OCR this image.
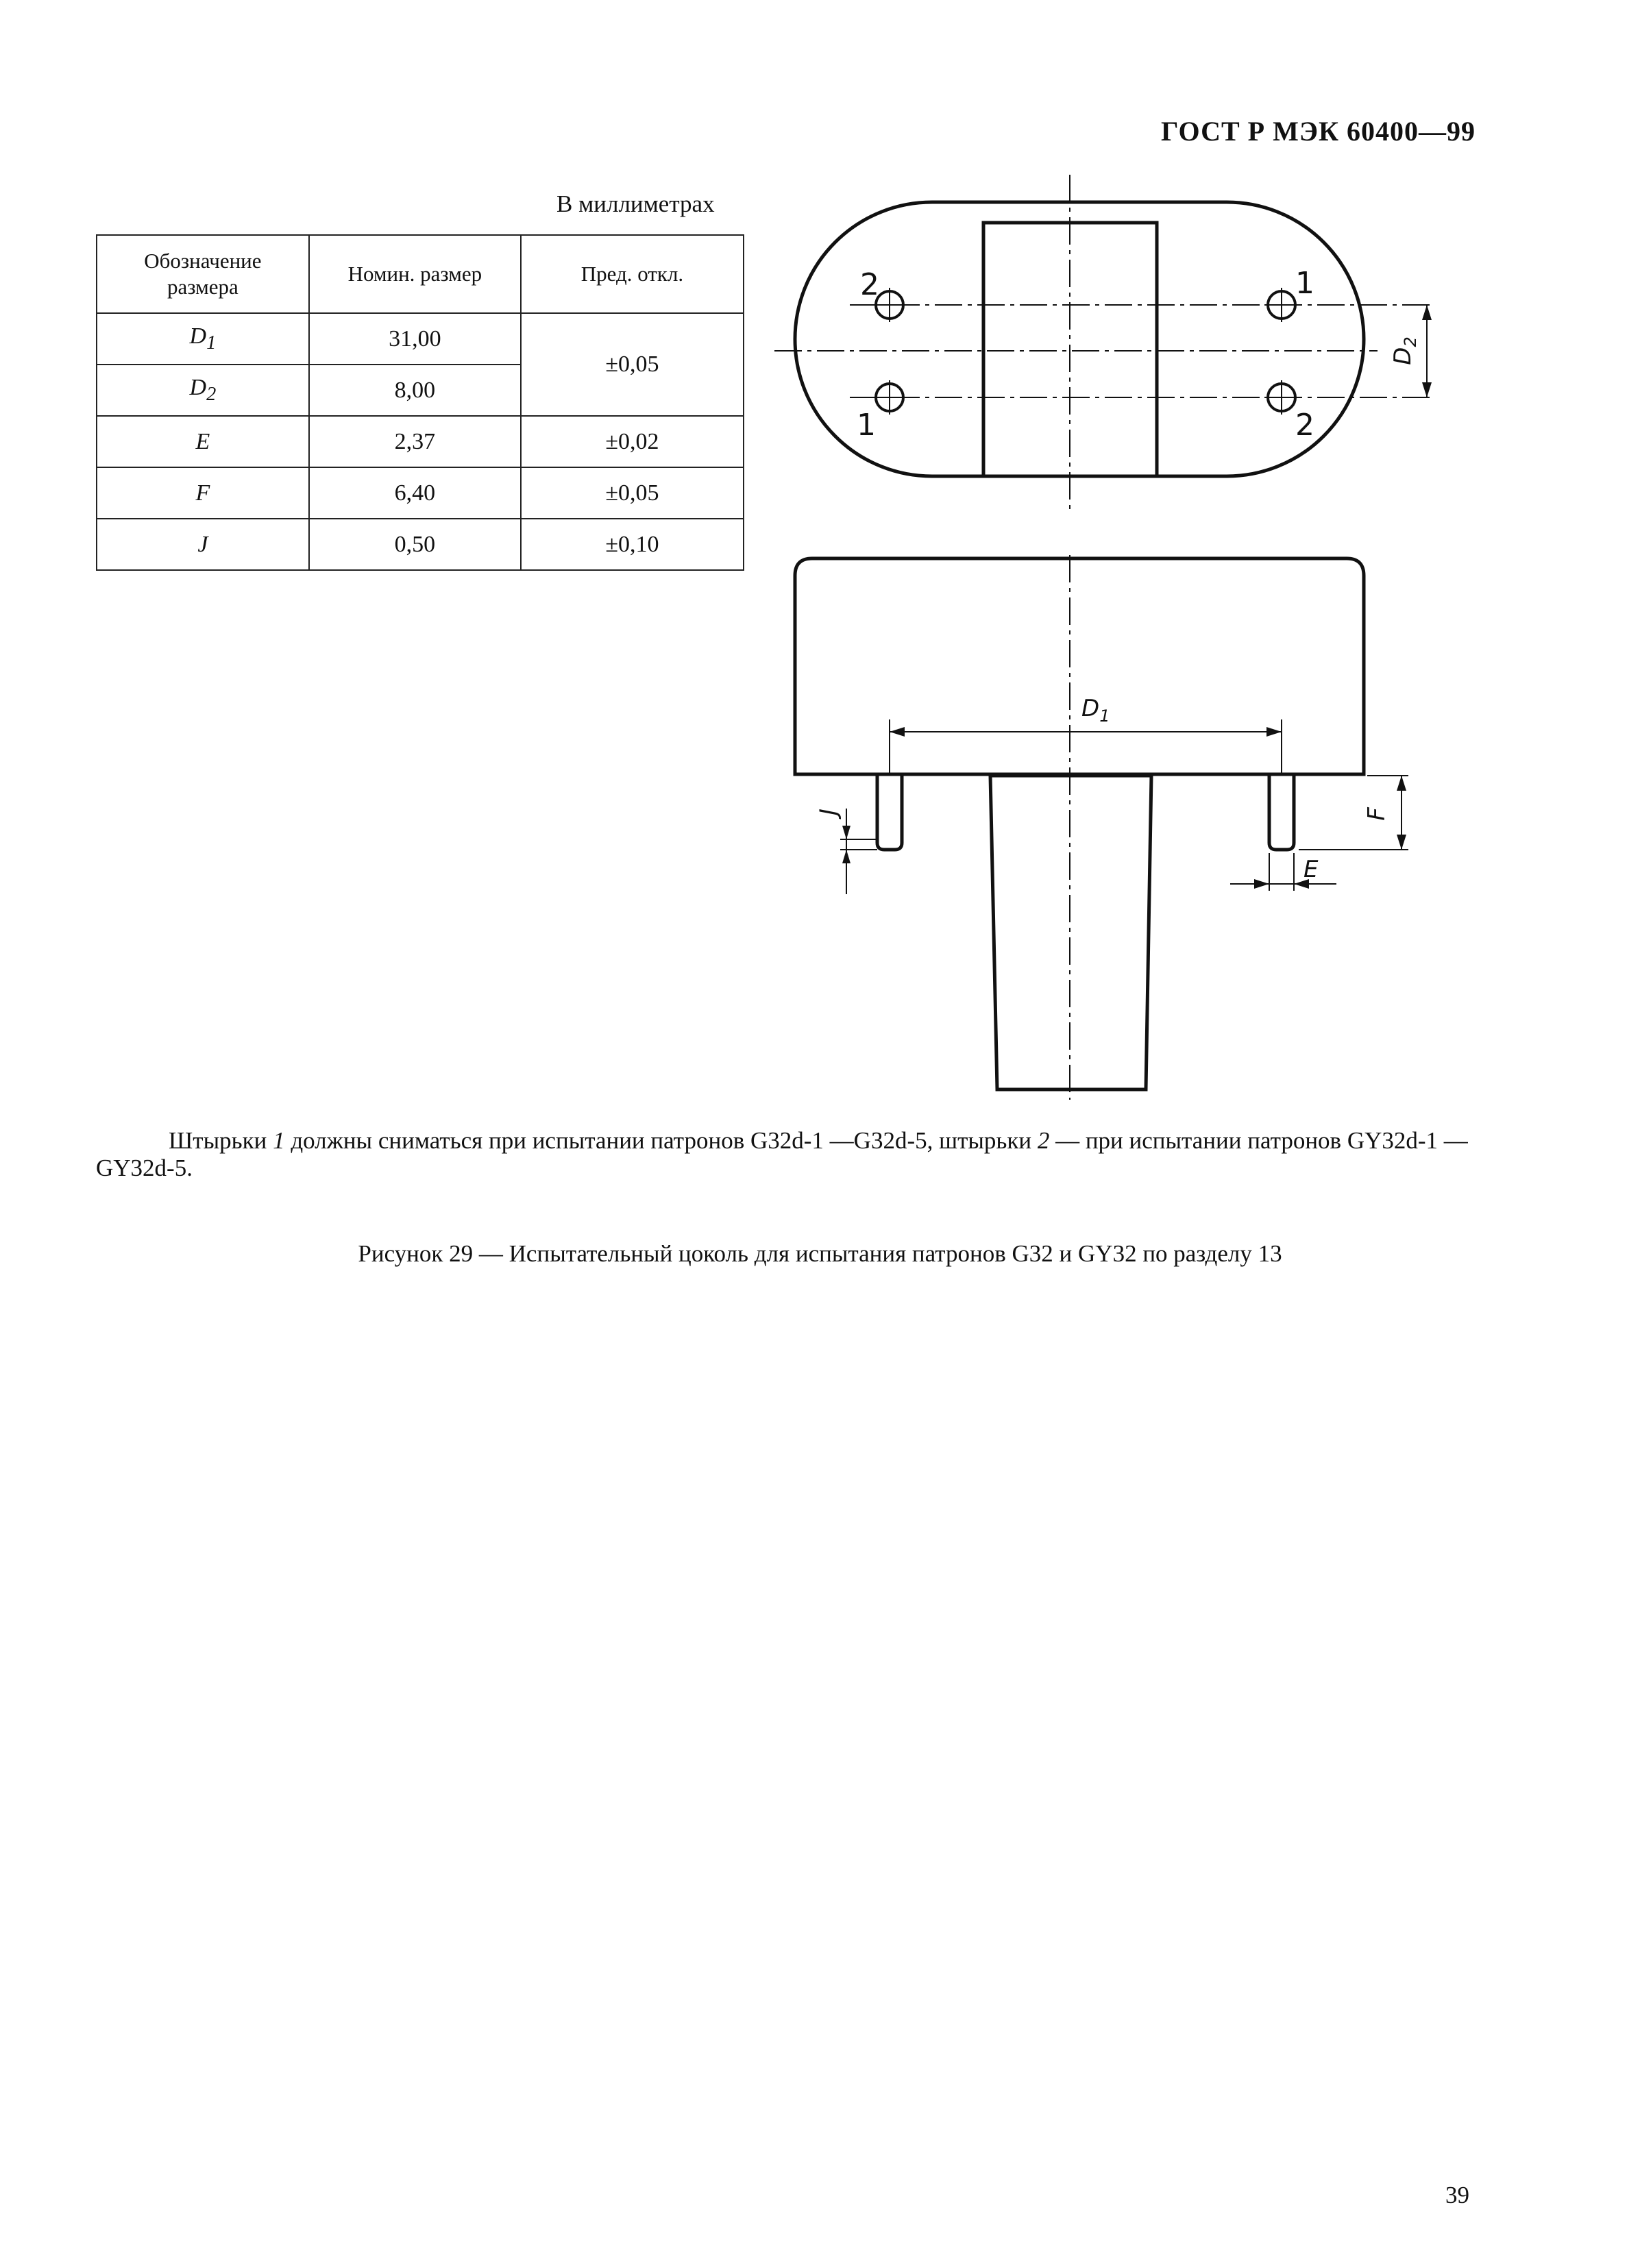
ГОСТ Р МЭК 60400—99
В миллиметрах
Обозначение размера	Номин. размер	Пред. откл.
$D_1$	31,00	±0,05
$D_2$	8,00	
E	2,37	±0,02
F	6,40	±0,05
J	0,50	±0,10
2	1
1	2
$D_2$
$D_1$
F
E
J
Штырьки 1 должны сниматься при испытании патронов G32d-1 —G32d-5, штырьки 2 — при испытании патронов GY32d-1 — GY32d-5.
Рисунок 29 — Испытательный цоколь для испытания патронов G32 и GY32 по разделу 13
39
